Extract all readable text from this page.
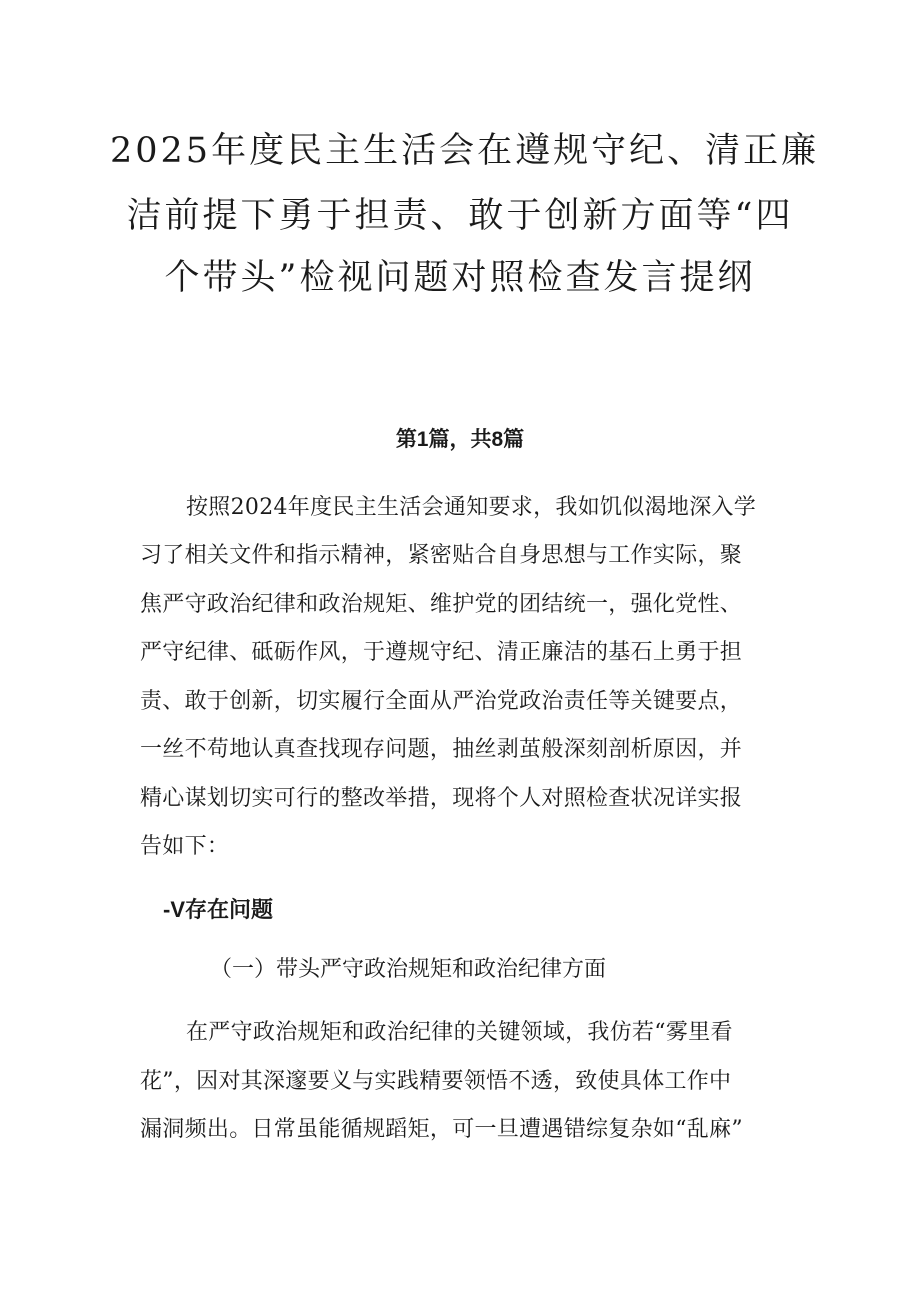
2025年度民主生活会在遵规守纪、清正廉
洁前提下勇于担责、敢于创新方面等“四
个带头”检视问题对照检查发言提纲
第1篇，共8篇
按照2024年度民主生活会通知要求，我如饥似渴地深入学
习了相关文件和指示精神，紧密贴合自身思想与工作实际，聚
焦严守政治纪律和政治规矩、维护党的团结统一，强化党性、
严守纪律、砥砺作风，于遵规守纪、清正廉洁的基石上勇于担
责、敢于创新，切实履行全面从严治党政治责任等关键要点，
一丝不苟地认真查找现存问题，抽丝剥茧般深刻剖析原因，并
精心谋划切实可行的整改举措，现将个人对照检查状况详实报
告如下：
-V存在问题
（一）带头严守政治规矩和政治纪律方面
在严守政治规矩和政治纪律的关键领域，我仿若“雾里看
花”，因对其深邃要义与实践精要领悟不透，致使具体工作中
漏洞频出。日常虽能循规蹈矩，可一旦遭遇错综复杂如“乱麻”
